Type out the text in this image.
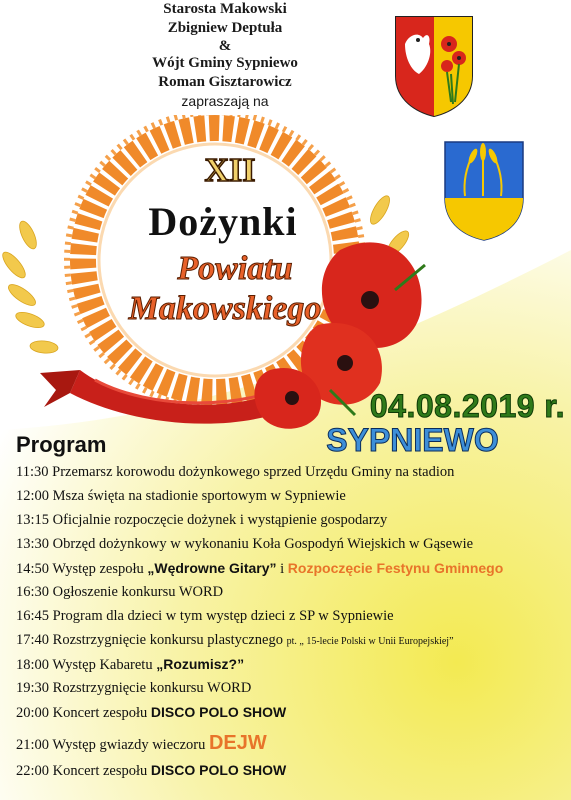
Starosta Makowski
Zbigniew Deptuła
&
Wójt Gminy Sypniewo
Roman Gisztarowicz
zapraszają na
XII
Dożynki
Powiatu
Makowskiego
04.08.2019 r.
SYPNIEWO
Program
11:30 Przemarsz korowodu dożynkowego sprzed Urzędu Gminy na stadion
12:00 Msza święta na stadionie sportowym w Sypniewie
13:15 Oficjalnie rozpoczęcie dożynek i wystąpienie gospodarzy
13:30 Obrzęd dożynkowy w wykonaniu Koła Gospodyń Wiejskich w Gąsewie
14:50 Występ zespołu „Wędrowne Gitary” i Rozpoczęcie Festynu Gminnego
16:30 Ogłoszenie konkursu WORD
16:45 Program dla dzieci w tym występ dzieci z SP w Sypniewie
17:40 Rozstrzygnięcie konkursu plastycznego pt. „ 15-lecie Polski w Unii Europejskiej”
18:00 Występ Kabaretu „Rozumisz?”
19:30 Rozstrzygnięcie konkursu WORD
20:00 Koncert zespołu DISCO POLO SHOW
21:00 Występ gwiazdy wieczoru DEJW
22:00 Koncert zespołu DISCO POLO SHOW
